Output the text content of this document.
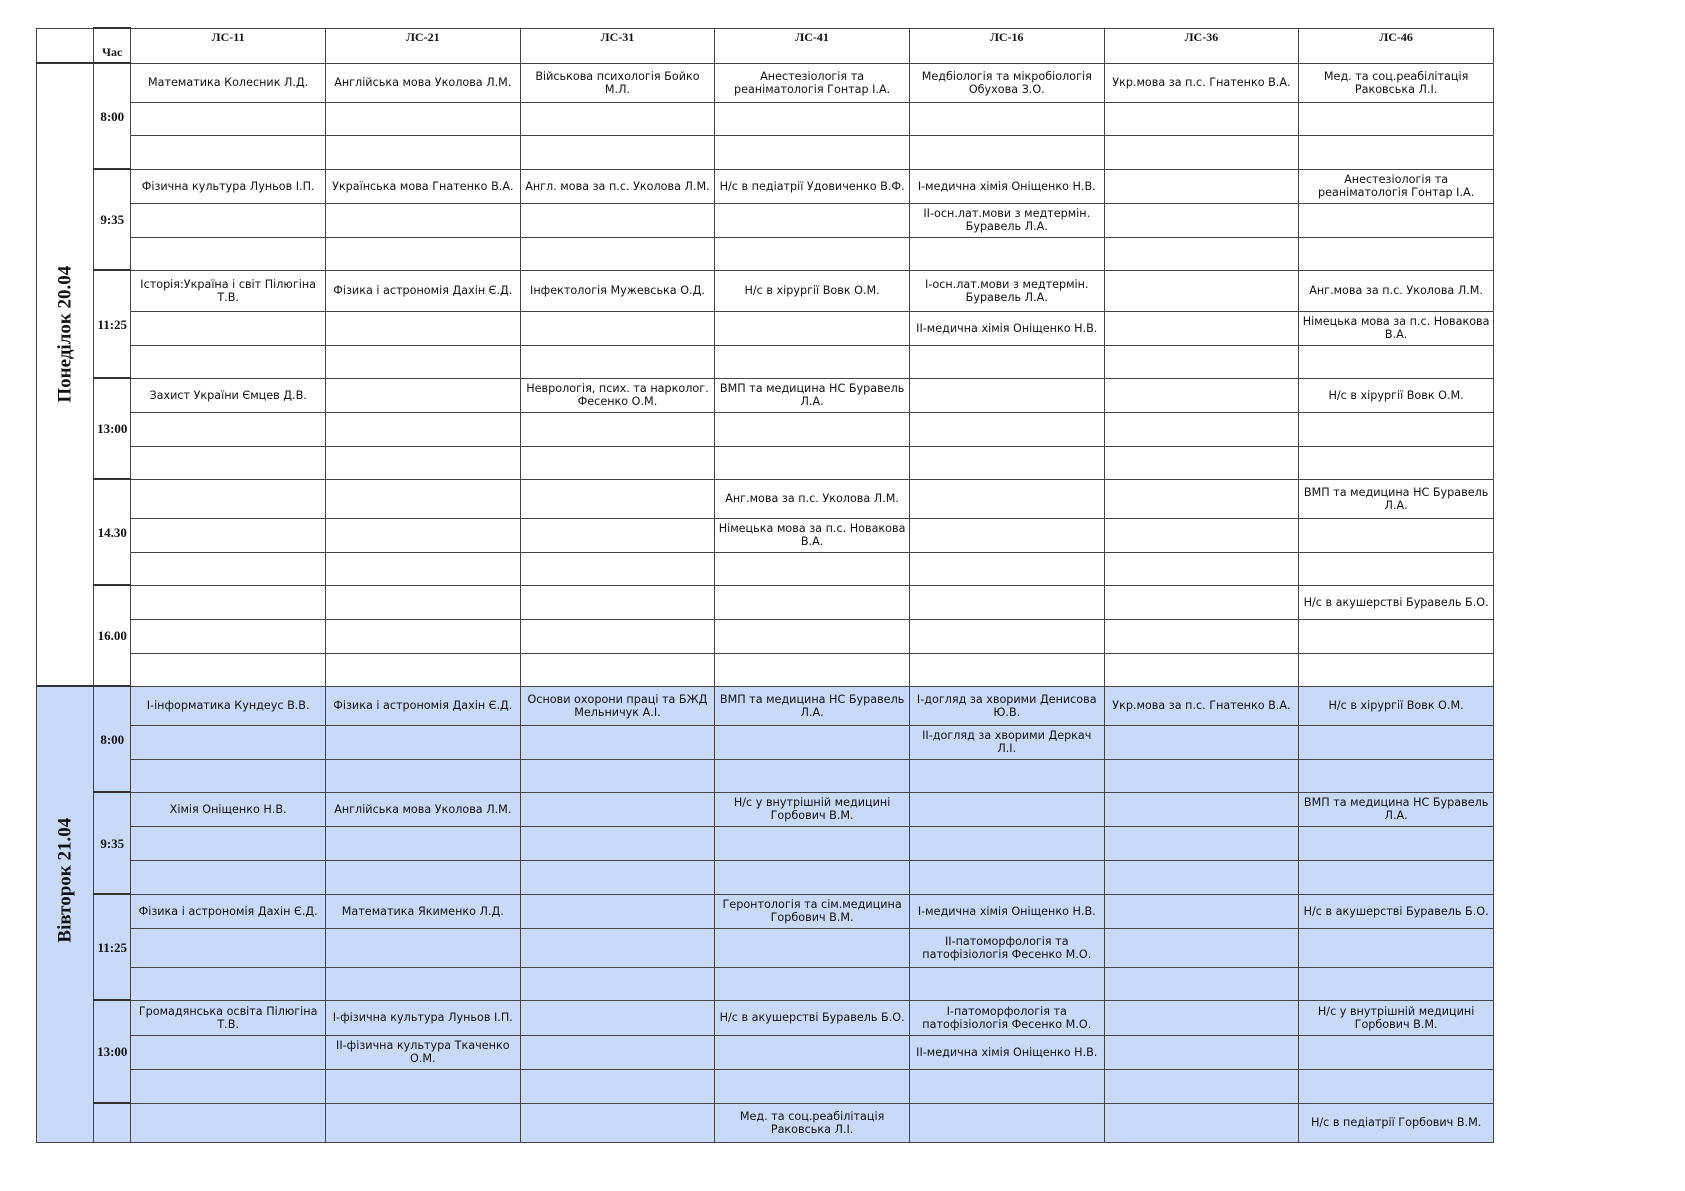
	Час	ЛС-11	ЛС-21	ЛС-31	ЛС-41	ЛС-16	ЛС-36	ЛС-46

Понеділок 20.04	8:00	Математика Колесник Л.Д.	Англійська мова Уколова Л.М.	Військова психологія Бойко М.Л.	Анестезіологія та реаніматологія Гонтар І.А.	Медбіологія та мікробіологія Обухова З.О.	Укр.мова за п.с. Гнатенко В.А.	Мед. та соц.реабілітація Раковська Л.І.

	9:35	Фізична культура Луньов І.П.	Українська мова Гнатенко В.А.	Англ. мова за п.с. Уколова Л.М.	Н/с в педіатрії Удовиченко В.Ф.	І-медична хімія Оніщенко Н.В.		Анестезіологія та реаніматологія Гонтар І.А.
						ІІ-осн.лат.мови з медтермін. Буравель Л.А.		

	11:25	Історія:Україна і світ Пілюгіна Т.В.	Фізика і астрономія Дахін Є.Д.	Інфектологія Мужевська О.Д.	Н/с в хірургії Вовк О.М.	І-осн.лат.мови з медтермін. Буравель Л.А.		Анг.мова за п.с. Уколова Л.М.
						ІІ-медична хімія Оніщенко Н.В.		Німецька мова за п.с. Новакова В.А.

	13:00	Захист України Ємцев Д.В.		Неврологія, псих. та нарколог. Фесенко О.М.	ВМП та медицина НС Буравель Л.А.			Н/с в хірургії Вовк О.М.

	14.30				Анг.мова за п.с. Уколова Л.М.			ВМП та медицина НС Буравель Л.А.
					Німецька мова за п.с. Новакова В.А.			

	16.00							Н/с в акушерстві Буравель Б.О.

Вівторок 21.04	8:00	І-інформатика Кундеус В.В.	Фізика і астрономія Дахін Є.Д.	Основи охорони праці та БЖД Мельничук А.І.	ВМП та медицина НС Буравель Л.А.	І-догляд за хворими Денисова Ю.В.	Укр.мова за п.с. Гнатенко В.А.	Н/с в хірургії Вовк О.М.
						ІІ-догляд за хворими Деркач Л.І.		

	9:35	Хімія Оніщенко Н.В.	Англійська мова Уколова Л.М.		Н/с у внутрішній медицині Горбович В.М.			ВМП та медицина НС Буравель Л.А.

	11:25	Фізика і астрономія Дахін Є.Д.	Математика Якименко Л.Д.		Геронтологія та сім.медицина Горбович В.М.	І-медична хімія Оніщенко Н.В.		Н/с в акушерстві Буравель Б.О.
						ІІ-патоморфологія та патофізіологія Фесенко М.О.		

	13:00	Громадянська освіта Пілюгіна Т.В.	І-фізична культура Луньов І.П.		Н/с в акушерстві Буравель Б.О.	І-патоморфологія та патофізіологія Фесенко М.О.		Н/с у внутрішній медицині Горбович В.М.
			ІІ-фізична культура Ткаченко О.М.			ІІ-медична хімія Оніщенко Н.В.		

					Мед. та соц.реабілітація Раковська Л.І.			Н/с в педіатрії Горбович В.М.
